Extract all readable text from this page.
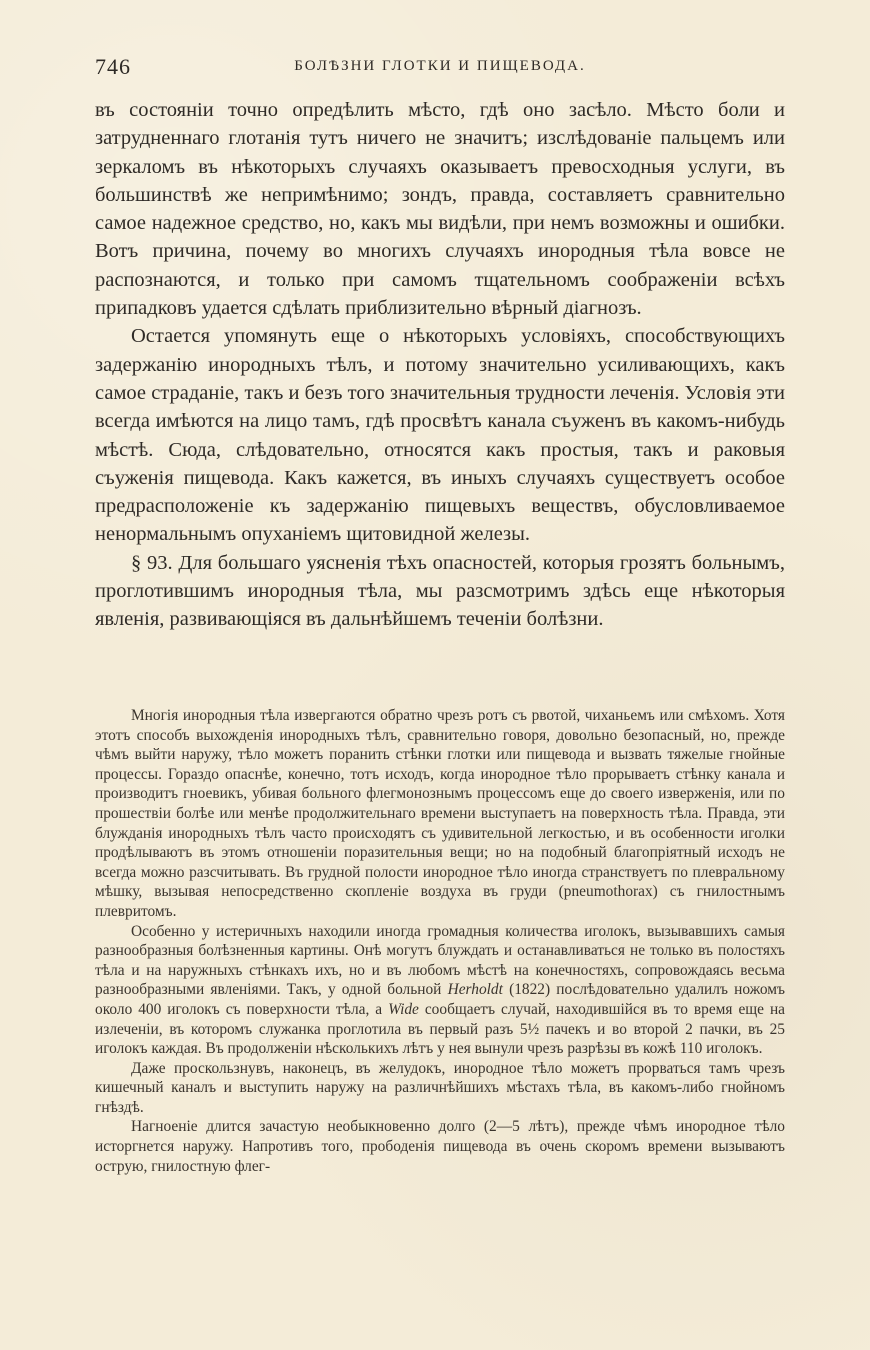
746	БОЛѢЗНИ ГЛОТКИ И ПИЩЕВОДА.

въ состоянiи точно опредѣлить мѣсто, гдѣ оно засѣло. Мѣсто боли и затрудненнаго глотанiя тутъ ничего не значитъ; изслѣдованiе пальцемъ или зеркаломъ въ нѣкоторыхъ случаяхъ оказываетъ превосходныя услуги, въ большинствѣ же непримѣнимо; зондъ, правда, составляетъ сравнительно самое надежное средство, но, какъ мы видѣли, при немъ возможны и ошибки. Вотъ причина, почему во многихъ случаяхъ инородныя тѣла вовсе не распознаются, и только при самомъ тщательномъ соображенiи всѣхъ припадковъ удается сдѣлать приблизительно вѣрный дiагнозъ.

Остается упомянуть еще о нѣкоторыхъ условiяхъ, способствующихъ задержанiю инородныхъ тѣлъ, и потому значительно усиливающихъ, какъ самое страданiе, такъ и безъ того значительныя трудности леченiя. Условiя эти всегда имѣются на лицо тамъ, гдѣ просвѣтъ канала съуженъ въ какомъ-нибудь мѣстѣ. Сюда, слѣдовательно, относятся какъ простыя, такъ и раковыя съуженiя пищевода. Какъ кажется, въ иныхъ случаяхъ существуетъ особое предрасположенiе къ задержанiю пищевыхъ веществъ, обусловливаемое ненормальнымъ опуханiемъ щитовидной железы.

§ 93. Для большаго уясненiя тѣхъ опасностей, которыя грозятъ больнымъ, проглотившимъ инородныя тѣла, мы разсмотримъ здѣсь еще нѣкоторыя явленiя, развивающiяся въ дальнѣйшемъ теченiи болѣзни.

Многiя инородныя тѣла извергаются обратно чрезъ ротъ съ рвотой, чиханьемъ или смѣхомъ. Хотя этотъ способъ выхожденiя инородныхъ тѣлъ, сравнительно говоря, довольно безопасный, но, прежде чѣмъ выйти наружу, тѣло можетъ поранить стѣнки глотки или пищевода и вызвать тяжелые гнойные процессы. Гораздо опаснѣе, конечно, тотъ исходъ, когда инородное тѣло прорываетъ стѣнку канала и производитъ гноевикъ, убивая больного флегмонознымъ процессомъ еще до своего изверженiя, или по прошествiи болѣе или менѣе продолжительнаго времени выступаетъ на поверхность тѣла. Правда, эти блужданiя инородныхъ тѣлъ часто происходятъ съ удивительной легкостью, и въ особенности иголки продѣлываютъ въ этомъ отношенiи поразительныя вещи; но на подобный благопрiятный исходъ не всегда можно разсчитывать. Въ грудной полости инородное тѣло иногда странствуетъ по плевральному мѣшку, вызывая непосредственно скопленiе воздуха въ груди (pneumothorax) съ гнилостнымъ плевритомъ.

Особенно у истеричныхъ находили иногда громадныя количества иголокъ, вызывавшихъ самыя разнообразныя болѣзненныя картины. Онѣ могутъ блуждать и останавливаться не только въ полостяхъ тѣла и на наружныхъ стѣнкахъ ихъ, но и въ любомъ мѣстѣ на конечностяхъ, сопровождаясь весьма разнообразными явленiями. Такъ, у одной больной Herholdt (1822) послѣдовательно удалилъ ножомъ около 400 иголокъ съ поверхности тѣла, а Wide сообщаетъ случай, находившiйся въ то время еще на излеченiи, въ которомъ служанка проглотила въ первый разъ 5½ пачекъ и во второй 2 пачки, въ 25 иголокъ каждая. Въ продолженiи нѣсколькихъ лѣтъ у нея вынули чрезъ разрѣзы въ кожѣ 110 иголокъ.

Даже проскользнувъ, наконецъ, въ желудокъ, инородное тѣло можетъ прорваться тамъ чрезъ кишечный каналъ и выступить наружу на различнѣйшихъ мѣстахъ тѣла, въ какомъ-либо гнойномъ гнѣздѣ.

Нагноенiе длится зачастую необыкновенно долго (2—5 лѣтъ), прежде чѣмъ инородное тѣло исторгнется наружу. Напротивъ того, прободенiя пищевода въ очень скоромъ времени вызываютъ острую, гнилостную флег-
